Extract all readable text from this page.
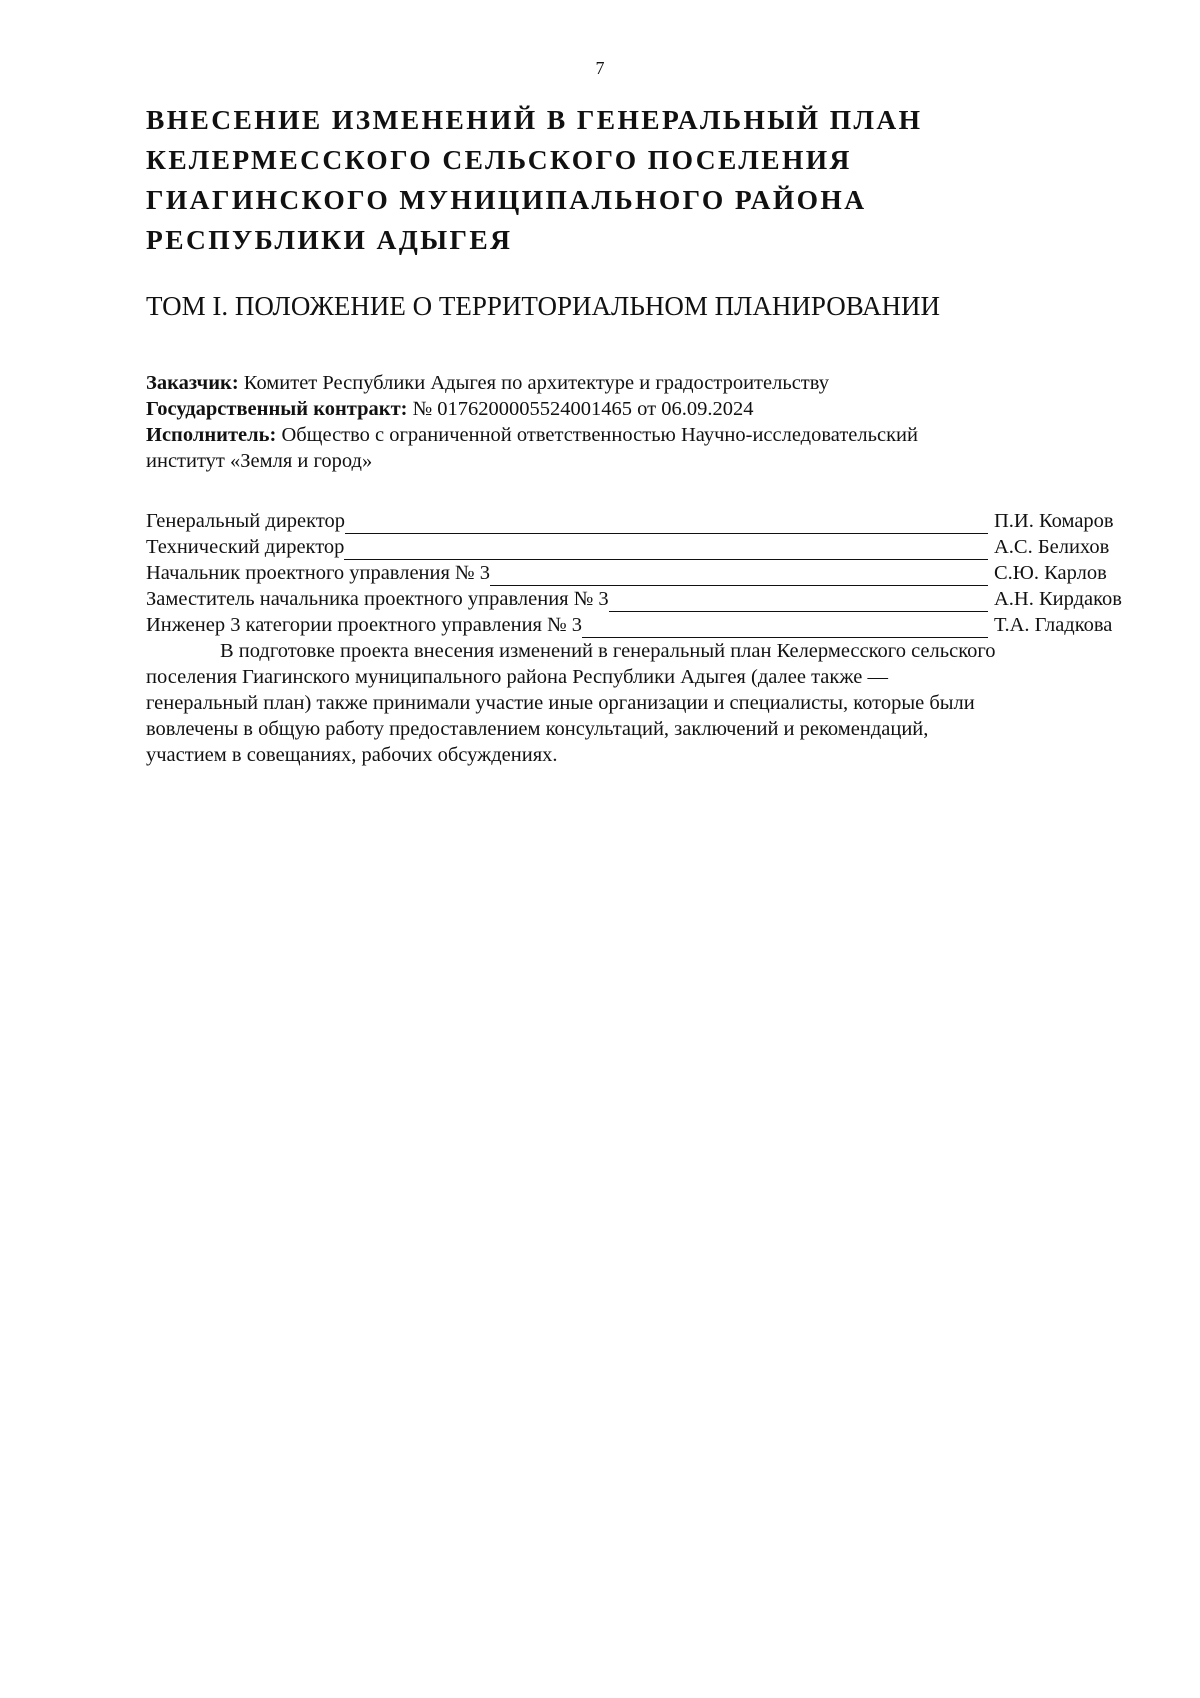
7
ВНЕСЕНИЕ ИЗМЕНЕНИЙ В ГЕНЕРАЛЬНЫЙ ПЛАН
КЕЛЕРМЕССКОГО СЕЛЬСКОГО ПОСЕЛЕНИЯ
ГИАГИНСКОГО МУНИЦИПАЛЬНОГО РАЙОНА
РЕСПУБЛИКИ АДЫГЕЯ
ТОМ I. ПОЛОЖЕНИЕ О ТЕРРИТОРИАЛЬНОМ ПЛАНИРОВАНИИ
Заказчик: Комитет Республики Адыгея по архитектуре и градостроительству
Государственный контракт: № 0176200005524001465 от 06.09.2024
Исполнитель: Общество с ограниченной ответственностью Научно-исследовательский
институт «Земля и город»
Генеральный директор	П.И. Комаров
Технический директор	А.С. Белихов
Начальник проектного управления № 3	С.Ю. Карлов
Заместитель начальника проектного управления № 3	А.Н. Кирдаков
Инженер 3 категории проектного управления № 3	Т.А. Гладкова

В подготовке проекта внесения изменений в генеральный план Келермесского сельского
поселения Гиагинского муниципального района Республики Адыгея (далее также —
генеральный план) также принимали участие иные организации и специалисты, которые были
вовлечены в общую работу предоставлением консультаций, заключений и рекомендаций,
участием в совещаниях, рабочих обсуждениях.
